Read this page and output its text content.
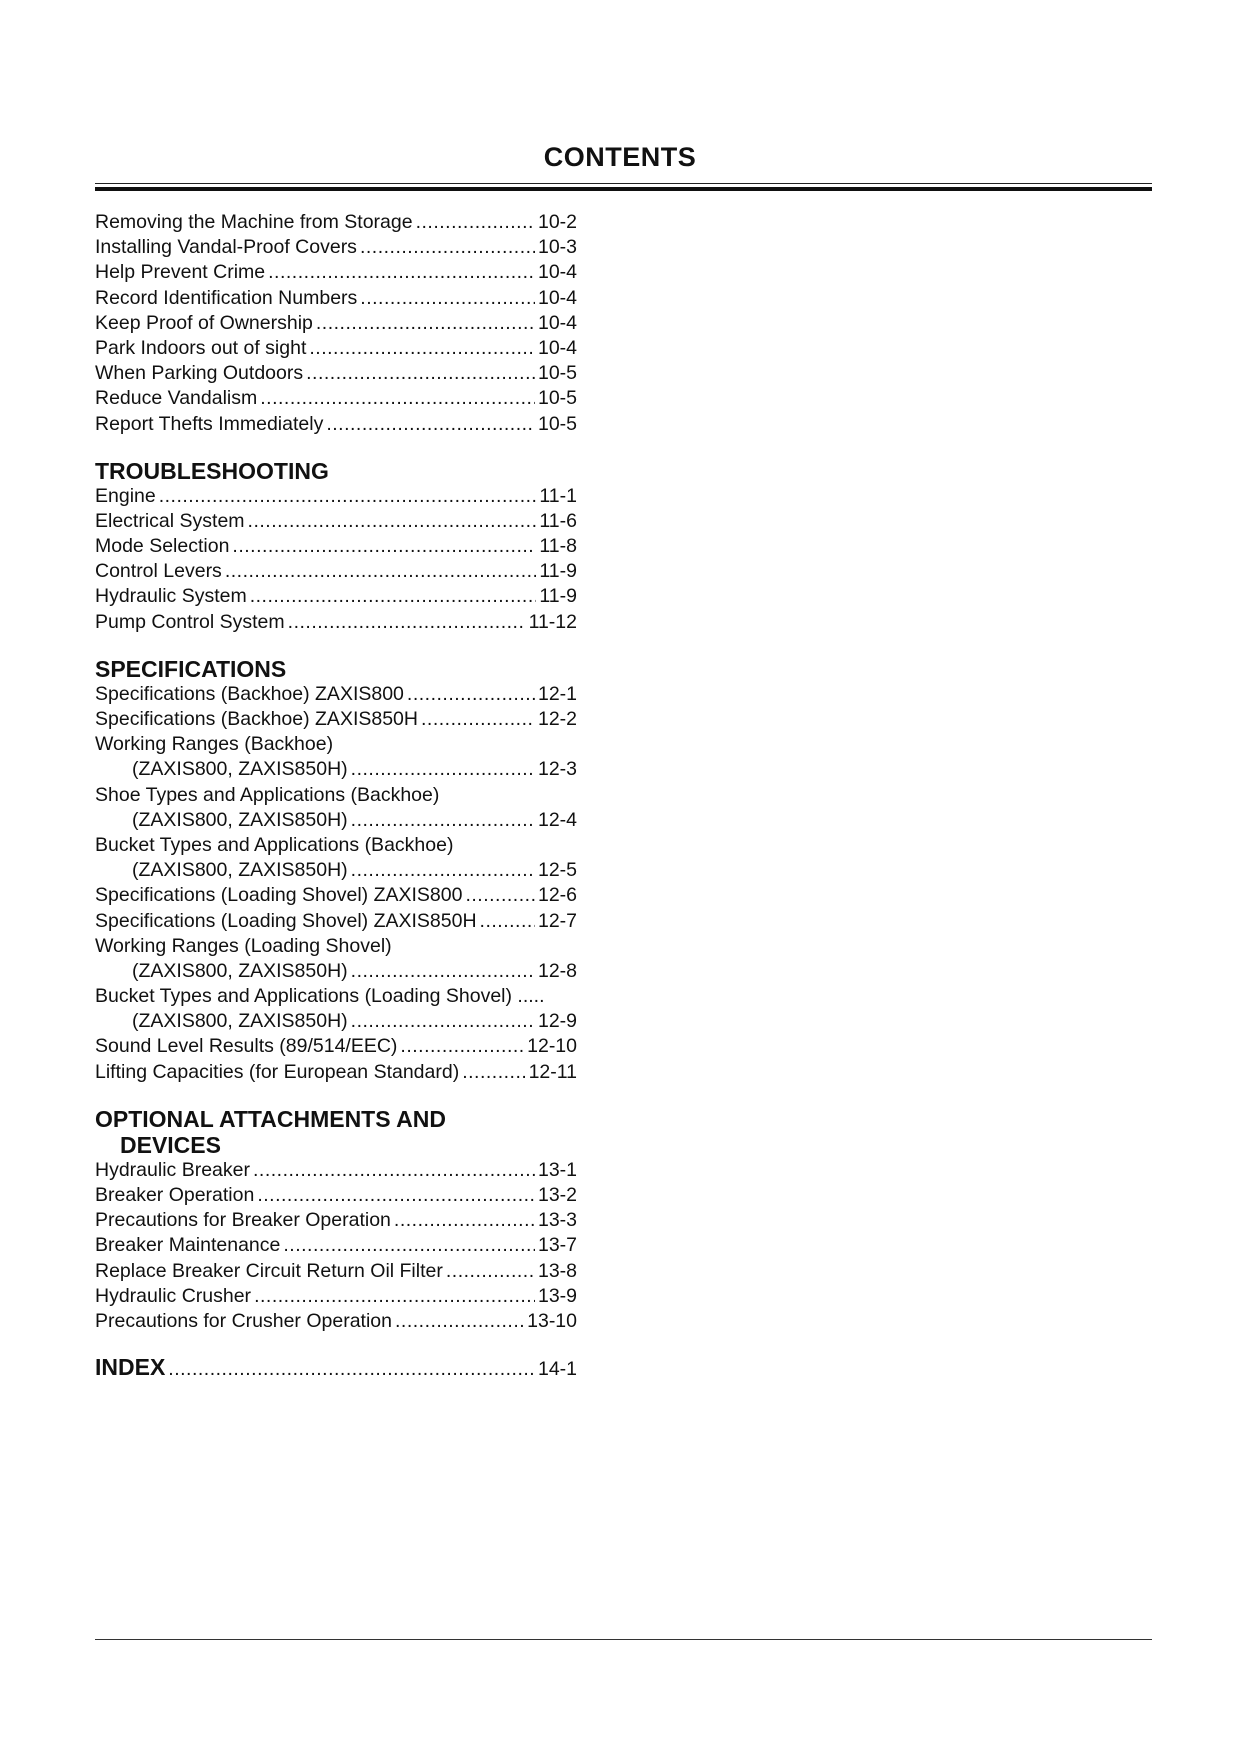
CONTENTS
Removing the Machine from Storage .....	10-2
Installing Vandal-Proof Covers .....	10-3
Help Prevent Crime .....	10-4
Record Identification Numbers .....	10-4
Keep Proof of Ownership .....	10-4
Park Indoors out of sight .....	10-4
When Parking Outdoors .....	10-5
Reduce Vandalism .....	10-5
Report Thefts Immediately .....	10-5
TROUBLESHOOTING
Engine .....	11-1
Electrical System .....	11-6
Mode Selection .....	11-8
Control Levers .....	11-9
Hydraulic System .....	11-9
Pump Control System .....	11-12
SPECIFICATIONS
Specifications (Backhoe) ZAXIS800 .....	12-1
Specifications (Backhoe) ZAXIS850H .....	12-2
Working Ranges (Backhoe)
(ZAXIS800, ZAXIS850H) .....	12-3
Shoe Types and Applications (Backhoe)
(ZAXIS800, ZAXIS850H) .....	12-4
Bucket Types and Applications (Backhoe)
(ZAXIS800, ZAXIS850H) .....	12-5
Specifications (Loading Shovel) ZAXIS800 .....	12-6
Specifications (Loading Shovel) ZAXIS850H .....	12-7
Working Ranges (Loading Shovel)
(ZAXIS800, ZAXIS850H) .....	12-8
Bucket Types and Applications (Loading Shovel) .....
(ZAXIS800, ZAXIS850H) .....	12-9
Sound Level Results (89/514/EEC) .....	12-10
Lifting Capacities (for European Standard) .....	12-11
OPTIONAL ATTACHMENTS AND
DEVICES
Hydraulic Breaker .....	13-1
Breaker Operation .....	13-2
Precautions for Breaker Operation .....	13-3
Breaker Maintenance .....	13-7
Replace Breaker Circuit Return Oil Filter .....	13-8
Hydraulic Crusher .....	13-9
Precautions for Crusher Operation .....	13-10
INDEX .....	14-1
